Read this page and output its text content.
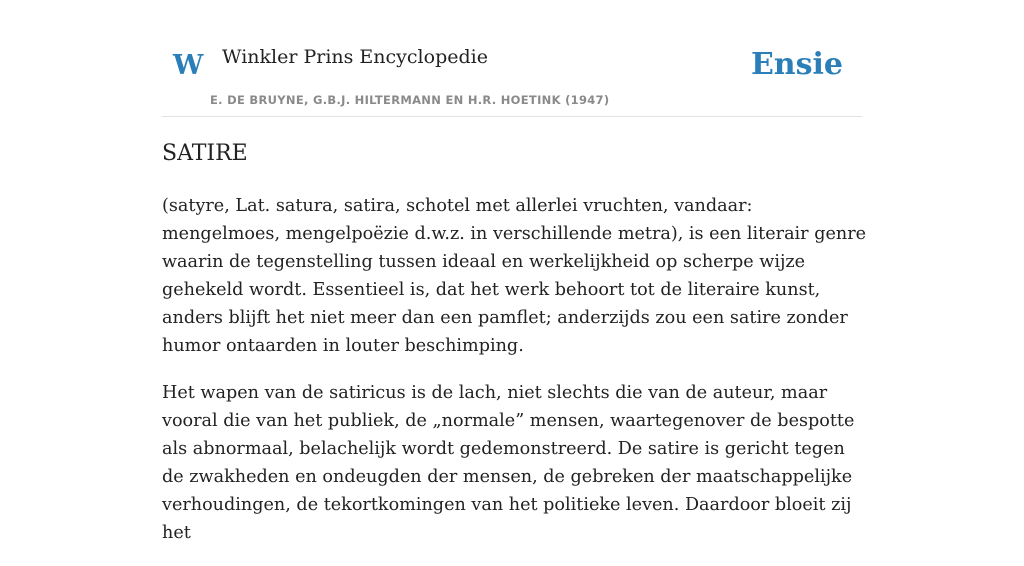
W Winkler Prins Encyclopedie
E. DE BRUYNE, G.B.J. HILTERMANN EN H.R. HOETINK (1947)
Ensie
SATIRE

(satyre, Lat. satura, satira, schotel met allerlei vruchten, vandaar: mengelmoes, mengelpoëzie d.w.z. in verschillende metra), is een literair genre waarin de tegenstelling tussen ideaal en werkelijkheid op scherpe wijze gehekeld wordt. Essentieel is, dat het werk behoort tot de literaire kunst, anders blijft het niet meer dan een pamflet; anderzijds zou een satire zonder humor ontaarden in louter beschimping.

Het wapen van de satiricus is de lach, niet slechts die van de auteur, maar vooral die van het publiek, de „normale” mensen, waartegenover de bespotte als abnormaal, belachelijk wordt gedemonstreerd. De satire is gericht tegen de zwakheden en ondeugden der mensen, de gebreken der maatschappelijke verhoudingen, de tekortkomingen van het politieke leven. Daardoor bloeit zij het
